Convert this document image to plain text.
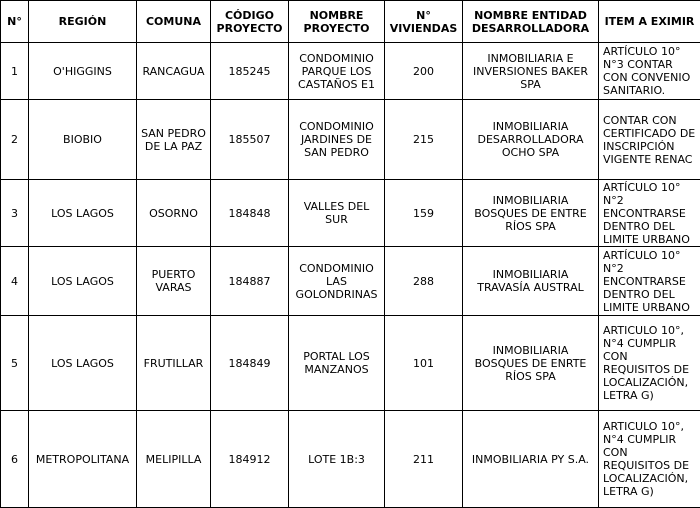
N°	REGIÓN	COMUNA	CÓDIGO PROYECTO	NOMBRE PROYECTO	N° VIVIENDAS	NOMBRE ENTIDAD DESARROLLADORA	ITEM A EXIMIR
1	O'HIGGINS	RANCAGUA	185245	CONDOMINIO PARQUE LOS CASTAÑOS E1	200	INMOBILIARIA E INVERSIONES BAKER SPA	ARTÍCULO 10° N°3 CONTAR CON CONVENIO SANITARIO.
2	BIOBIO	SAN PEDRO DE LA PAZ	185507	CONDOMINIO JARDINES DE SAN PEDRO	215	INMOBILIARIA DESARROLLADORA OCHO SPA	CONTAR CON CERTIFICADO DE INSCRIPCIÓN VIGENTE RENAC
3	LOS LAGOS	OSORNO	184848	VALLES DEL SUR	159	INMOBILIARIA BOSQUES DE ENTRE RÍOS SPA	ARTÍCULO 10° N°2 ENCONTRARSE DENTRO DEL LIMITE URBANO
4	LOS LAGOS	PUERTO VARAS	184887	CONDOMINIO LAS GOLONDRINAS	288	INMOBILIARIA TRAVASÍA AUSTRAL	ARTÍCULO 10° N°2 ENCONTRARSE DENTRO DEL LIMITE URBANO
5	LOS LAGOS	FRUTILLAR	184849	PORTAL LOS MANZANOS	101	INMOBILIARIA BOSQUES DE ENRTE RÍOS SPA	ARTICULO 10°, N°4 CUMPLIR CON REQUISITOS DE LOCALIZACIÓN, LETRA G)
6	METROPOLITANA	MELIPILLA	184912	LOTE 1B:3	211	INMOBILIARIA PY S.A.	ARTICULO 10°, N°4 CUMPLIR CON REQUISITOS DE LOCALIZACIÓN, LETRA G)
